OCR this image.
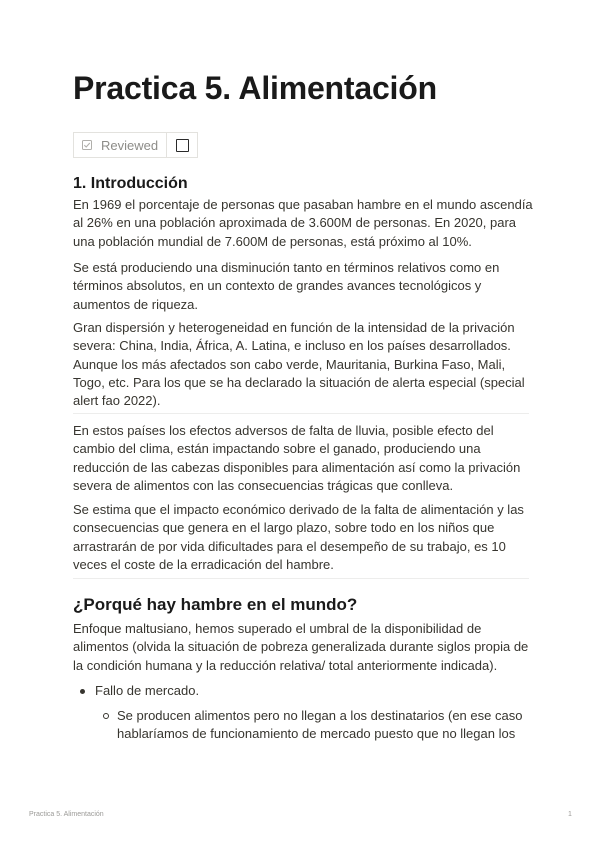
Practica 5. Alimentación
Reviewed
1. Introducción

En 1969 el porcentaje de personas que pasaban hambre en el mundo ascendía al 26% en una población aproximada de 3.600M de personas. En 2020, para una población mundial de 7.600M de personas, está próximo al 10%.

Se está produciendo una disminución tanto en términos relativos como en términos absolutos, en un contexto de grandes avances tecnológicos y aumentos de riqueza.

Gran dispersión y heterogeneidad en función de la intensidad de la privación severa: China, India, África, A. Latina, e incluso en los países desarrollados. Aunque los más afectados son cabo verde, Mauritania, Burkina Faso, Mali, Togo, etc. Para los que se ha declarado la situación de alerta especial (special alert fao 2022).

En estos países los efectos adversos de falta de lluvia, posible efecto del cambio del clima, están impactando sobre el ganado, produciendo una reducción de las cabezas disponibles para alimentación así como la privación severa de alimentos con las consecuencias trágicas que conlleva.

Se estima que el impacto económico derivado de la falta de alimentación y las consecuencias que genera en el largo plazo, sobre todo en los niños que arrastrarán de por vida dificultades para el desempeño de su trabajo, es 10 veces el coste de la erradicación del hambre.

¿Porqué hay hambre en el mundo?

Enfoque maltusiano, hemos superado el umbral de la disponibilidad de alimentos (olvida la situación de pobreza generalizada durante siglos propia de la condición humana y la reducción relativa/ total anteriormente indicada).

Fallo de mercado.
Se producen alimentos pero no llegan a los destinatarios (en ese caso hablaríamos de funcionamiento de mercado puesto que no llegan los
Practica 5. Alimentación	1
